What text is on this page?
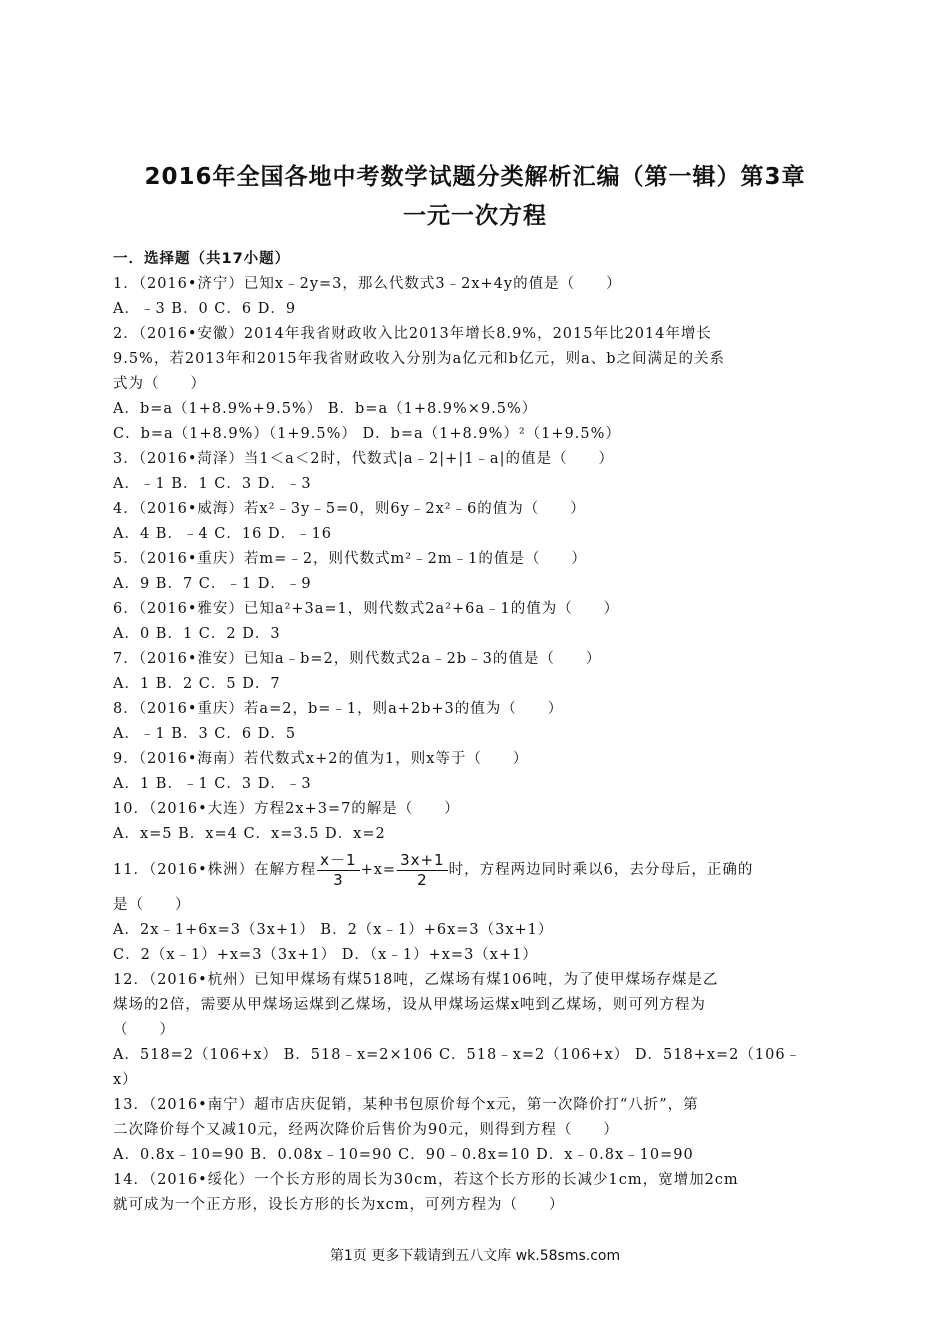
2016年全国各地中考数学试题分类解析汇编（第一辑）第3章
一元一次方程

一．选择题（共17小题）

1．（2016•济宁）已知x﹣2y=3，那么代数式3﹣2x+4y的值是（　　）

A．﹣3 B．0 C．6 D．9

2．（2016•安徽）2014年我省财政收入比2013年增长8.9%，2015年比2014年增长

9.5%，若2013年和2015年我省财政收入分别为a亿元和b亿元，则a、b之间满足的关系

式为（　　）

A．b=a（1+8.9%+9.5%） B．b=a（1+8.9%×9.5%）

C．b=a（1+8.9%）（1+9.5%） D．b=a（1+8.9%）²（1+9.5%）

3．（2016•菏泽）当1＜a＜2时，代数式|a﹣2|+|1﹣a|的值是（　　）

A．﹣1 B．1 C．3 D．﹣3

4．（2016•威海）若x²﹣3y﹣5=0，则6y﹣2x²﹣6的值为（　　）

A．4 B．﹣4 C．16 D．﹣16

5．（2016•重庆）若m=﹣2，则代数式m²﹣2m﹣1的值是（　　）

A．9 B．7 C．﹣1 D．﹣9

6．（2016•雅安）已知a²+3a=1，则代数式2a²+6a﹣1的值为（　　）

A．0 B．1 C．2 D．3

7．（2016•淮安）已知a﹣b=2，则代数式2a﹣2b﹣3的值是（　　）

A．1 B．2 C．5 D．7

8．（2016•重庆）若a=2，b=﹣1，则a+2b+3的值为（　　）

A．﹣1 B．3 C．6 D．5

9．（2016•海南）若代数式x+2的值为1，则x等于（　　）

A．1 B．﹣1 C．3 D．﹣3

10．（2016•大连）方程2x+3=7的解是（　　）

A．x=5 B．x=4 C．x=3.5 D．x=2

11．（2016•株洲）在解方程 $\frac{x-1}{3} +x= \frac{3x+1}{2}$ 时，方程两边同时乘以6，去分母后，正确的

是（　　）

A．2x﹣1+6x=3（3x+1） B．2（x﹣1）+6x=3（3x+1）

C．2（x﹣1）+x=3（3x+1） D．（x﹣1）+x=3（x+1）

12．（2016•杭州）已知甲煤场有煤518吨，乙煤场有煤106吨，为了使甲煤场存煤是乙

煤场的2倍，需要从甲煤场运煤到乙煤场，设从甲煤场运煤x吨到乙煤场，则可列方程为

（　　）

A．518=2（106+x） B．518﹣x=2×106 C．518﹣x=2（106+x） D．518+x=2（106﹣

x）

13．（2016•南宁）超市店庆促销，某种书包原价每个x元，第一次降价打“八折”，第

二次降价每个又减10元，经两次降价后售价为90元，则得到方程（　　）

A．0.8x﹣10=90 B．0.08x﹣10=90 C．90﹣0.8x=10 D．x﹣0.8x﹣10=90

14．（2016•绥化）一个长方形的周长为30cm，若这个长方形的长减少1cm，宽增加2cm

就可成为一个正方形，设长方形的长为xcm，可列方程为（　　）

第1页 更多下载请到五八文库 wk.58sms.com
